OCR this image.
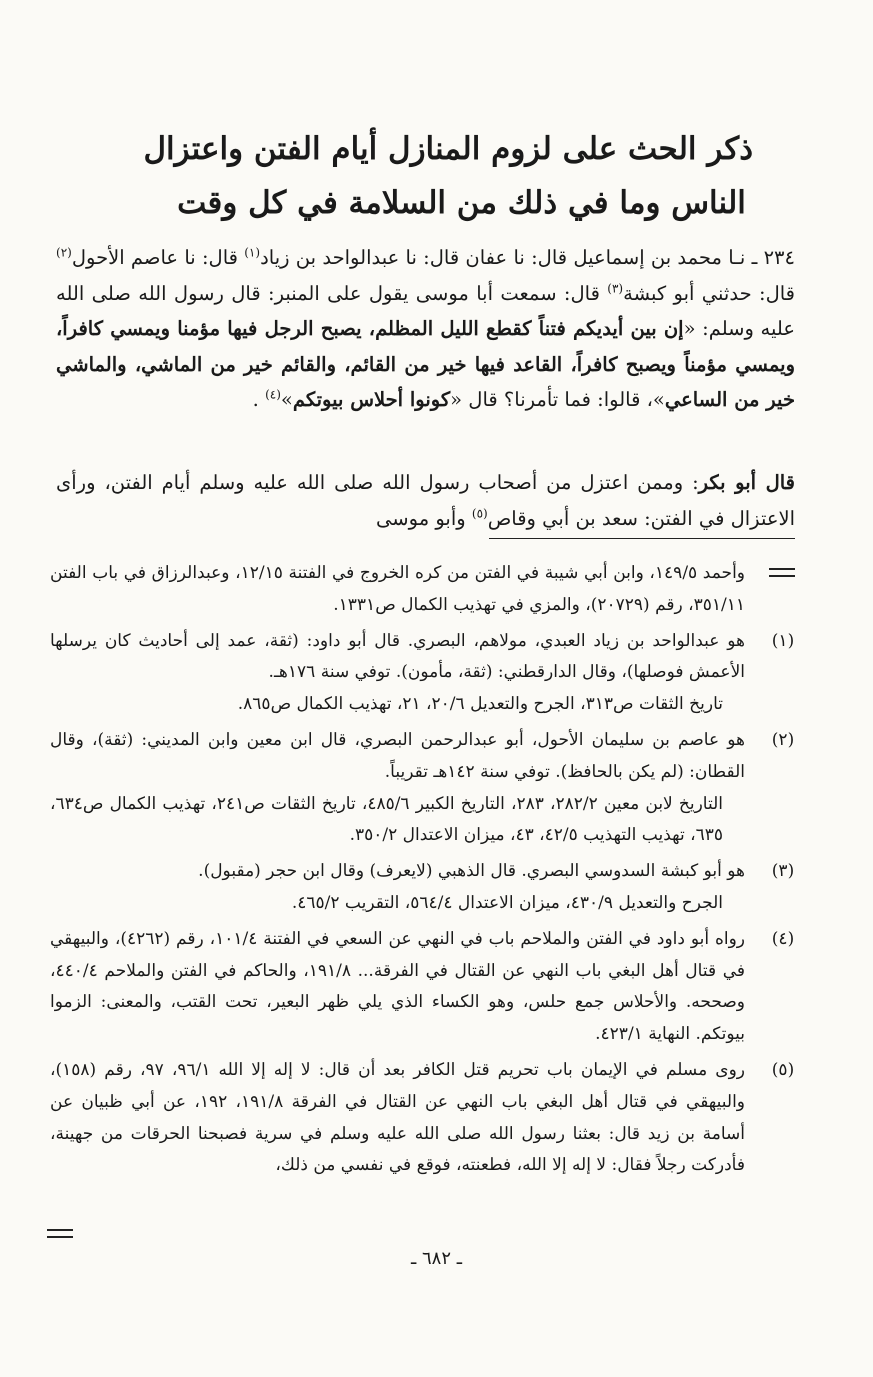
ذكر الحث على لزوم المنازل أيام الفتن واعتزال
الناس وما في ذلك من السلامة في كل وقت
٢٣٤ ـ نـا محمد بن إسماعيل قال: نا عفان قال: نا عبدالواحد بن زياد$^{(١)}$ قال: نا عاصم الأحول$^{(٢)}$ قال: حدثني أبو كبشة$^{(٣)}$ قال: سمعت أبا موسى يقول على المنبر: قال رسول الله صلى الله عليه وسلم: «إن بين أيديكم فتناً كقطع الليل المظلم، يصبح الرجل فيها مؤمنا ويمسي كافراً، ويمسي مؤمناً ويصبح كافراً، القاعد فيها خير من القائم، والقائم خير من الماشي، والماشي خير من الساعي»، قالوا: فما تأمرنا؟ قال «كونوا أحلاس بيوتكم»$^{(٤)}$ .
قال أبو بكر: وممن اعتزل من أصحاب رسول الله صلى الله عليه وسلم أيام الفتن، ورأى الاعتزال في الفتن: سعد بن أبي وقاص$^{(٥)}$ وأبو موسى
وأحمد ١٤٩/٥، وابن أبي شيبة في الفتن من كره الخروج في الفتنة ١٢/١٥، وعبدالرزاق في باب الفتن ٣٥١/١١، رقم (٢٠٧٢٩)، والمزي في تهذيب الكمال ص١٣٣١.
(١)
هو عبدالواحد بن زياد العبدي، مولاهم، البصري. قال أبو داود: (ثقة، عمد إلى أحاديث كان يرسلها الأعمش فوصلها)، وقال الدارقطني: (ثقة، مأمون). توفي سنة ١٧٦هـ.
تاريخ الثقات ص٣١٣، الجرح والتعديل ٢٠/٦، ٢١، تهذيب الكمال ص٨٦٥.
(٢)
هو عاصم بن سليمان الأحول، أبو عبدالرحمن البصري، قال ابن معين وابن المديني: (ثقة)، وقال القطان: (لم يكن بالحافظ). توفي سنة ١٤٢هـ تقريباً.
التاريخ لابن معين ٢٨٢/٢، ٢٨٣، التاريخ الكبير ٤٨٥/٦، تاريخ الثقات ص٢٤١، تهذيب الكمال ص٦٣٤، ٦٣٥، تهذيب التهذيب ٤٢/٥، ٤٣، ميزان الاعتدال ٣٥٠/٢.
(٣)
هو أبو كبشة السدوسي البصري. قال الذهبي (لايعرف) وقال ابن حجر (مقبول).
الجرح والتعديل ٤٣٠/٩، ميزان الاعتدال ٥٦٤/٤، التقريب ٤٦٥/٢.
(٤)
رواه أبو داود في الفتن والملاحم باب في النهي عن السعي في الفتنة ١٠١/٤، رقم (٤٢٦٢)، والبيهقي في قتال أهل البغي باب النهي عن القتال في الفرقة... ١٩١/٨، والحاكم في الفتن والملاحم ٤٤٠/٤، وصححه. والأحلاس جمع حلس، وهو الكساء الذي يلي ظهر البعير، تحت القتب، والمعنى: الزموا بيوتكم. النهاية ٤٢٣/١.
(٥)
روى مسلم في الإيمان باب تحريم قتل الكافر بعد أن قال: لا إله إلا الله ٩٦/١، ٩٧، رقم (١٥٨)، والبيهقي في قتال أهل البغي باب النهي عن القتال في الفرقة ١٩١/٨، ١٩٢، عن أبي ظبيان عن أسامة بن زيد قال: بعثنا رسول الله صلى الله عليه وسلم في سرية فصبحنا الحرقات من جهينة، فأدركت رجلاً فقال: لا إله إلا الله، فطعنته، فوقع في نفسي من ذلك،
ـ ٦٨٢ ـ
